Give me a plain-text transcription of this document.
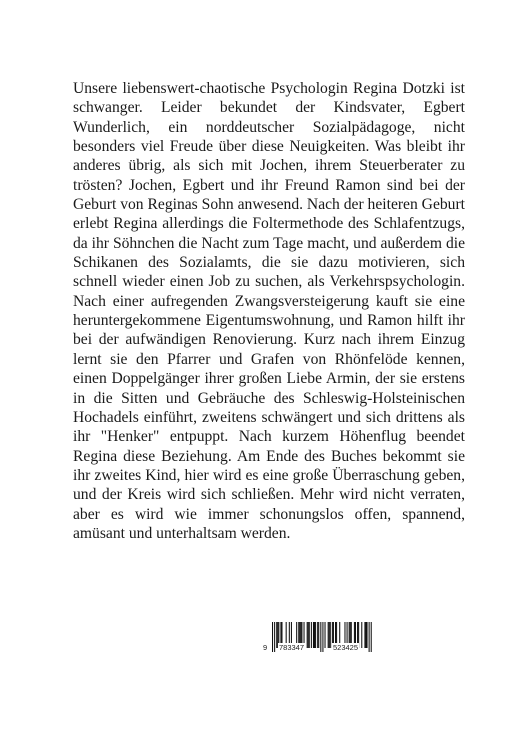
Unsere liebenswert-chaotische Psychologin Regina Dotzki ist schwanger. Leider bekundet der Kindsvater, Egbert Wunderlich, ein norddeutscher Sozialpädagoge, nicht besonders viel Freude über diese Neuigkeiten. Was bleibt ihr anderes übrig, als sich mit Jochen, ihrem Steuerberater zu trösten? Jochen, Egbert und ihr Freund Ramon sind bei der Geburt von Reginas Sohn anwesend. Nach der heiteren Geburt erlebt Regina allerdings die Foltermethode des Schlafentzugs, da ihr Söhnchen die Nacht zum Tage macht, und außerdem die Schikanen des Sozialamts, die sie dazu motivieren, sich schnell wieder einen Job zu suchen, als Verkehrspsychologin. Nach einer aufregenden Zwangsversteigerung kauft sie eine heruntergekommene Eigentumswohnung, und Ramon hilft ihr bei der aufwändigen Renovierung. Kurz nach ihrem Einzug lernt sie den Pfarrer und Grafen von Rhönfelöde kennen, einen Doppelgänger ihrer großen Liebe Armin, der sie erstens in die Sitten und Gebräuche des Schleswig-Holsteinischen Hochadels einführt, zweitens schwängert und sich drittens als ihr "Henker" entpuppt. Nach kurzem Höhenflug beendet Regina diese Beziehung. Am Ende des Buches bekommt sie ihr zweites Kind, hier wird es eine große Überraschung geben, und der Kreis wird sich schließen. Mehr wird nicht verraten, aber es wird wie immer schonungslos offen, spannend, amüsant und unterhaltsam werden.

9 783347	523425
